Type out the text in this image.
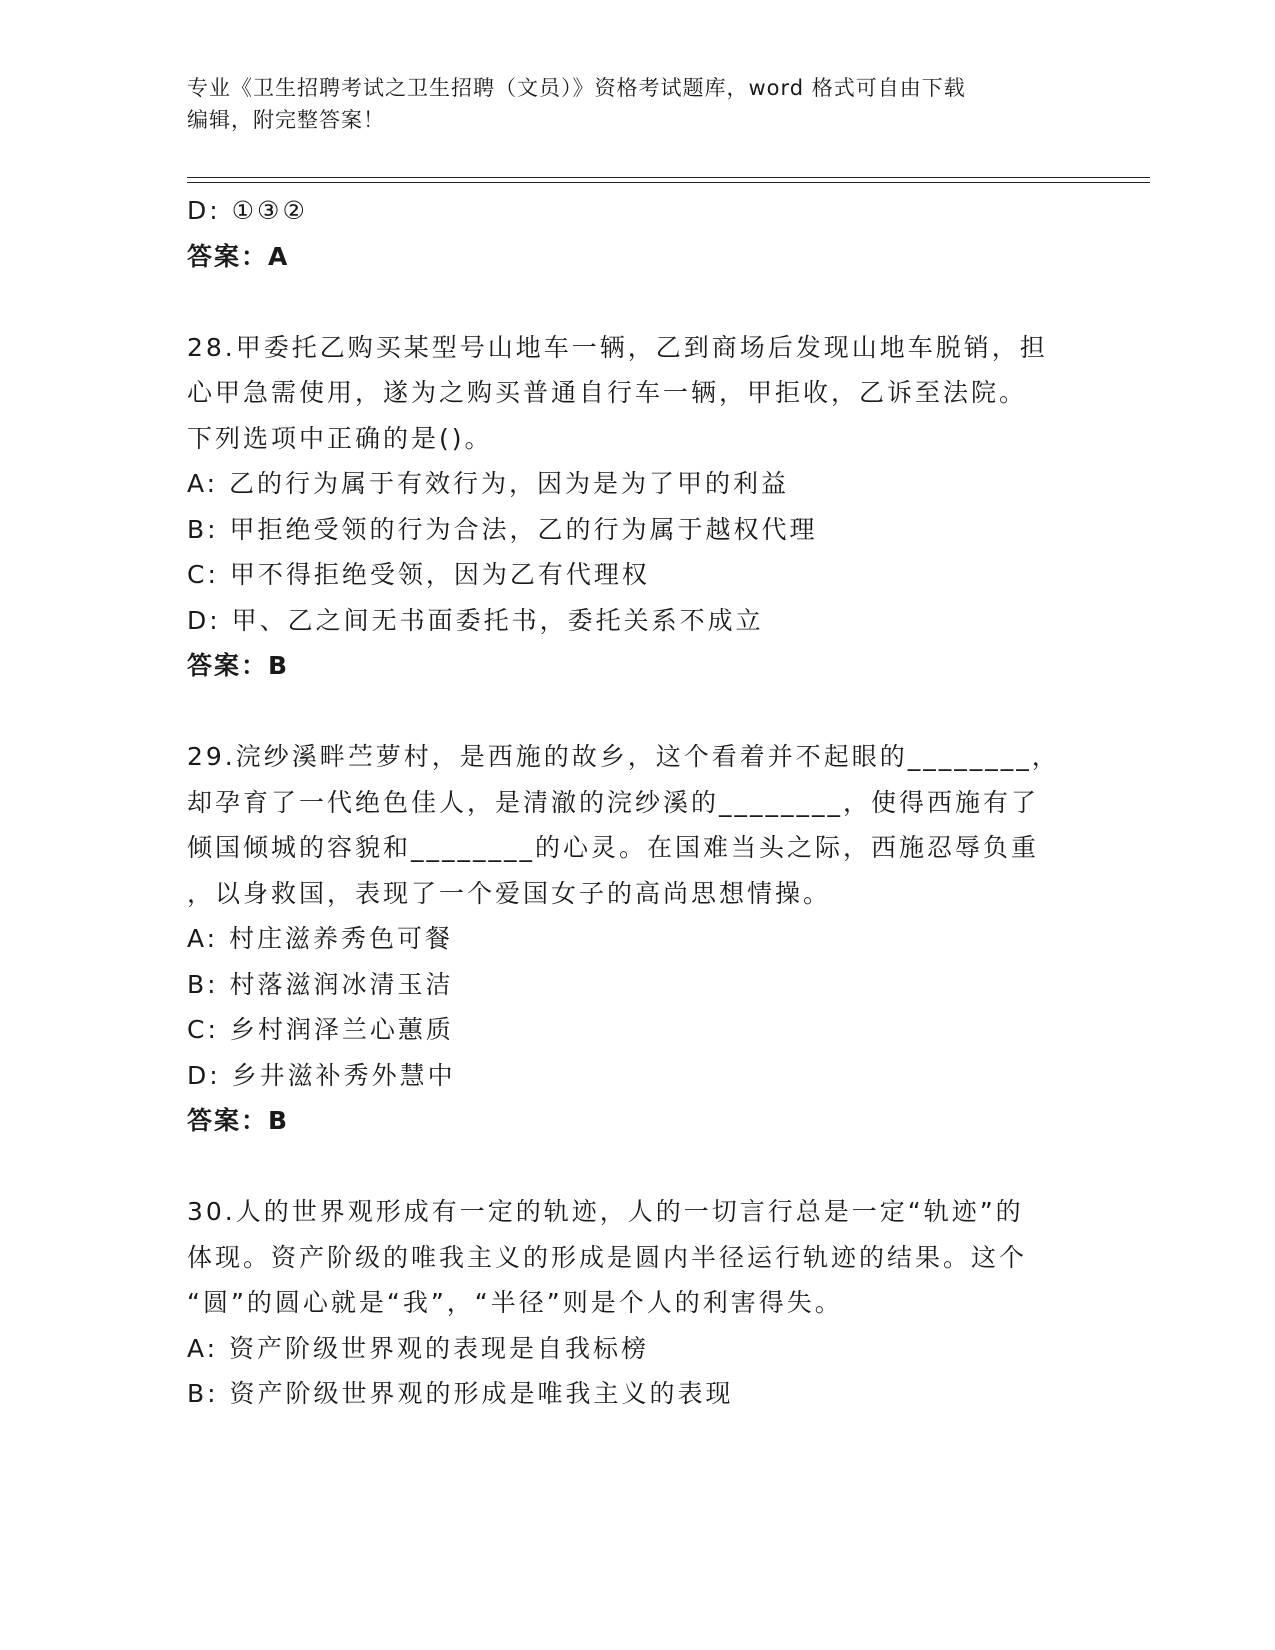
专业《卫生招聘考试之卫生招聘（文员）》资格考试题库，word 格式可自由下载
编辑，附完整答案！
D: ①③②
答案：A
28.甲委托乙购买某型号山地车一辆，乙到商场后发现山地车脱销，担
心甲急需使用，遂为之购买普通自行车一辆，甲拒收，乙诉至法院。
下列选项中正确的是()。
A: 乙的行为属于有效行为，因为是为了甲的利益
B: 甲拒绝受领的行为合法，乙的行为属于越权代理
C: 甲不得拒绝受领，因为乙有代理权
D: 甲、乙之间无书面委托书，委托关系不成立
答案：B
29.浣纱溪畔苎萝村，是西施的故乡，这个看着并不起眼的________，
却孕育了一代绝色佳人，是清澈的浣纱溪的________，使得西施有了
倾国倾城的容貌和________的心灵。在国难当头之际，西施忍辱负重
，以身救国，表现了一个爱国女子的高尚思想情操。
A: 村庄滋养秀色可餐
B: 村落滋润冰清玉洁
C: 乡村润泽兰心蕙质
D: 乡井滋补秀外慧中
答案：B
30.人的世界观形成有一定的轨迹，人的一切言行总是一定“轨迹”的
体现。资产阶级的唯我主义的形成是圆内半径运行轨迹的结果。这个
“圆”的圆心就是“我”，“半径”则是个人的利害得失。
A: 资产阶级世界观的表现是自我标榜
B: 资产阶级世界观的形成是唯我主义的表现
